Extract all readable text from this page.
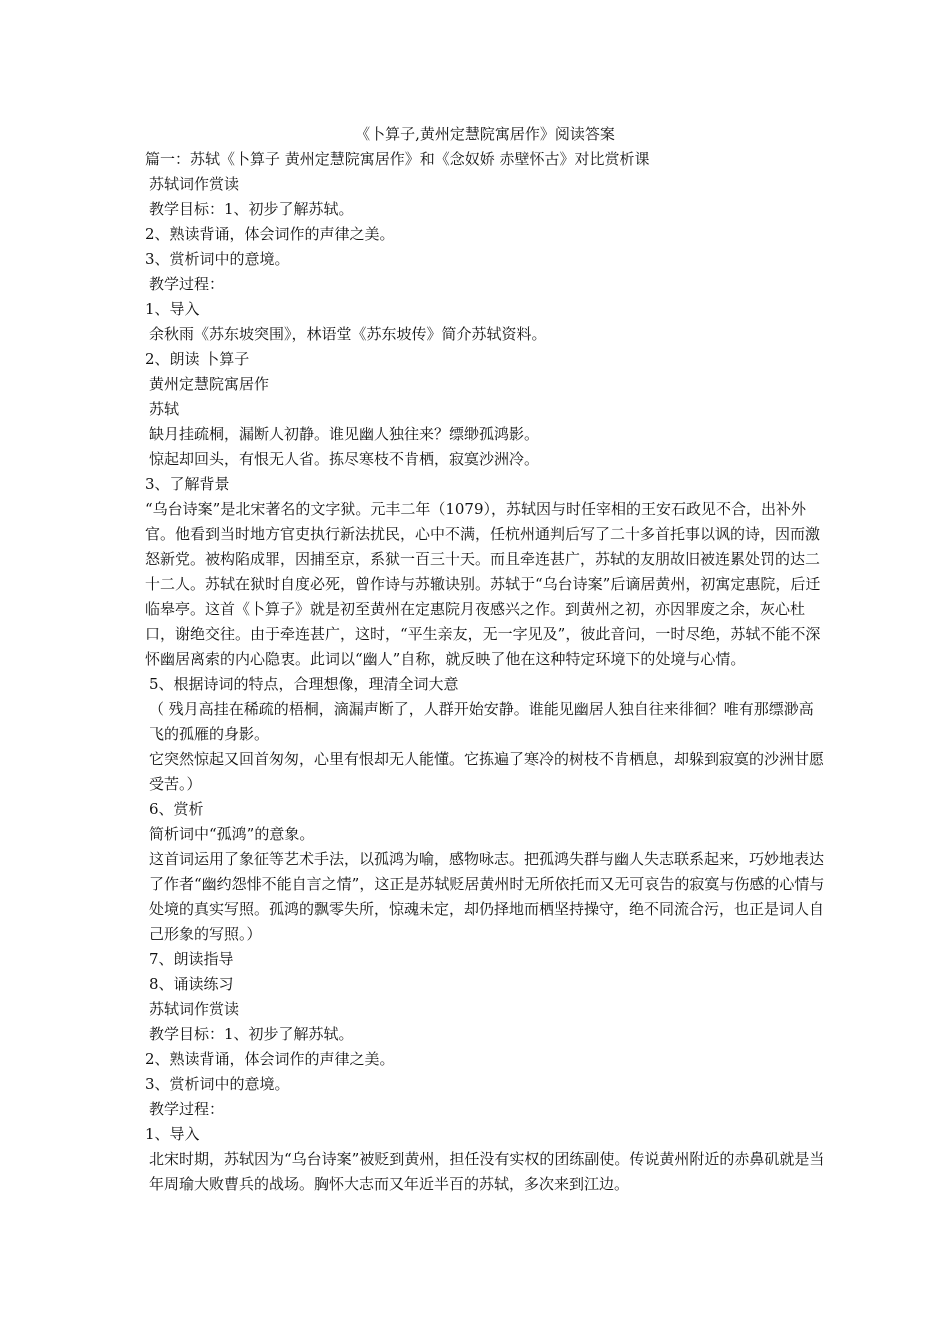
《卜算子,黄州定慧院寓居作》阅读答案

篇一：苏轼《卜算子 黄州定慧院寓居作》和《念奴娇 赤壁怀古》对比赏析课

苏轼词作赏读

教学目标：1、初步了解苏轼。

2、熟读背诵，体会词作的声律之美。

3、赏析词中的意境。

教学过程：

1、导入

余秋雨《苏东坡突围》，林语堂《苏东坡传》简介苏轼资料。

2、朗读 卜算子

黄州定慧院寓居作

苏轼

缺月挂疏桐，漏断人初静。谁见幽人独往来？缥缈孤鸿影。

惊起却回头，有恨无人省。拣尽寒枝不肯栖，寂寞沙洲冷。

3、了解背景

“乌台诗案”是北宋著名的文字狱。元丰二年（1079），苏轼因与时任宰相的王安石政见不合，出补外官。他看到当时地方官吏执行新法扰民，心中不满，任杭州通判后写了二十多首托事以讽的诗，因而激怒新党。被构陷成罪，因捕至京，系狱一百三十天。而且牵连甚广，苏轼的友朋故旧被连累处罚的达二十二人。苏轼在狱时自度必死，曾作诗与苏辙诀别。苏轼于“乌台诗案”后谪居黄州，初寓定惠院，后迁临皋亭。这首《卜算子》就是初至黄州在定惠院月夜感兴之作。到黄州之初，亦因罪废之余，灰心杜口，谢绝交往。由于牵连甚广，这时，“平生亲友，无一字见及”，彼此音问，一时尽绝，苏轼不能不深怀幽居离索的内心隐衷。此词以“幽人”自称，就反映了他在这种特定环境下的处境与心情。

5、根据诗词的特点，合理想像，理清全词大意

（ 残月高挂在稀疏的梧桐，滴漏声断了，人群开始安静。谁能见幽居人独自往来徘徊？唯有那缥渺高飞的孤雁的身影。

它突然惊起又回首匆匆，心里有恨却无人能懂。它拣遍了寒冷的树枝不肯栖息，却躲到寂寞的沙洲甘愿受苦。）

6、赏析

简析词中“孤鸿”的意象。

这首词运用了象征等艺术手法，以孤鸿为喻，感物咏志。把孤鸿失群与幽人失志联系起来，巧妙地表达了作者“幽约怨悱不能自言之情”，这正是苏轼贬居黄州时无所依托而又无可哀告的寂寞与伤感的心情与处境的真实写照。孤鸿的飘零失所，惊魂未定，却仍择地而栖坚持操守，绝不同流合污，也正是词人自己形象的写照。）

7、朗读指导

8、诵读练习

苏轼词作赏读

教学目标：1、初步了解苏轼。

2、熟读背诵，体会词作的声律之美。

3、赏析词中的意境。

教学过程：

1、导入

北宋时期，苏轼因为“乌台诗案”被贬到黄州，担任没有实权的团练副使。传说黄州附近的赤鼻矶就是当年周瑜大败曹兵的战场。胸怀大志而又年近半百的苏轼，多次来到江边。
